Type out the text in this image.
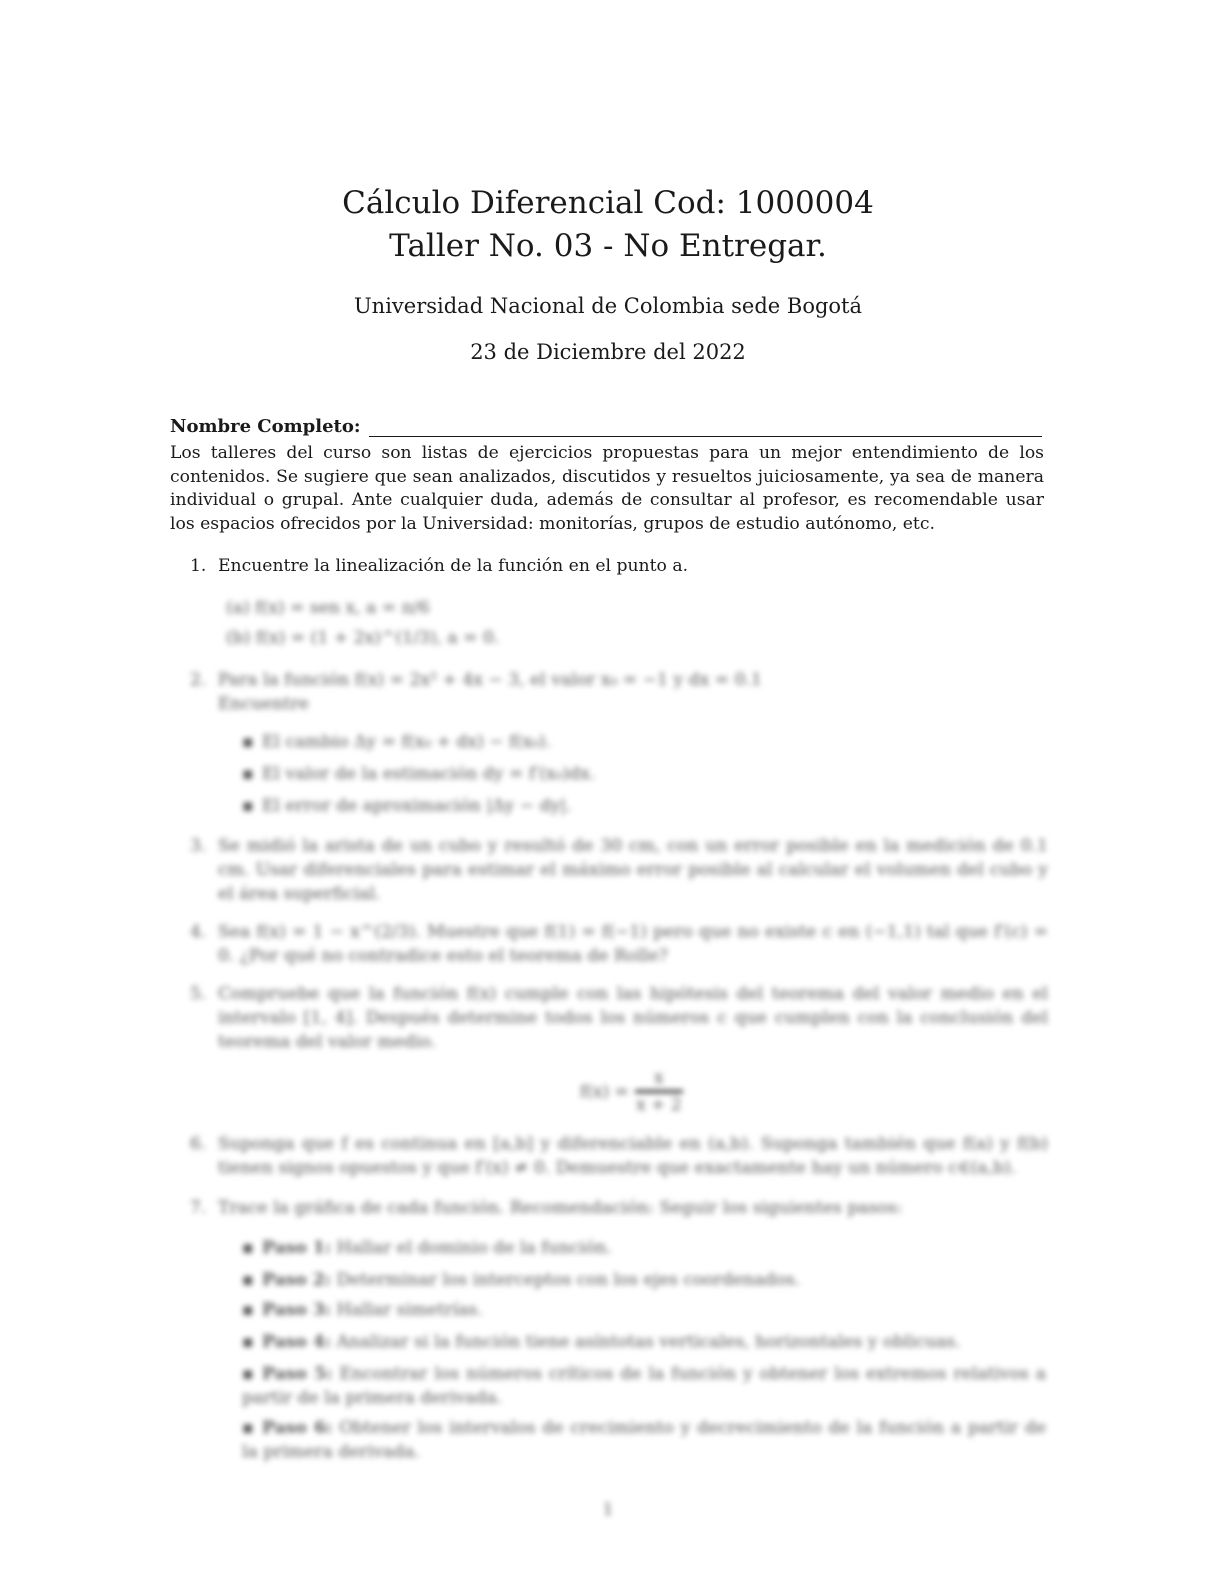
Cálculo Diferencial Cod: 1000004
Taller No. 03 - No Entregar.

Universidad Nacional de Colombia sede Bogotá

23 de Diciembre del 2022

Nombre Completo:

Los talleres del curso son listas de ejercicios propuestas para un mejor entendimiento de los contenidos. Se sugiere que sean analizados, discutidos y resueltos juiciosamente, ya sea de manera individual o grupal. Ante cualquier duda, además de consultar al profesor, es recomendable usar los espacios ofrecidos por la Universidad: monitorías, grupos de estudio autónomo, etc.

1. Encuentre la linealización de la función en el punto a.
(a) f(x) = sen x, a = π/6
(b) f(x) = (1 + 2x)^(1/3), a = 0.
2. Para la función f(x) = 2x² + 4x − 3, el valor x₀ = −1 y dx = 0.1
Encuentre
▪ El cambio Δy = f(x₀ + dx) − f(x₀).
▪ El valor de la estimación dy = f′(x₀)dx.
▪ El error de aproximación |Δy − dy|.
3. Se midió la arista de un cubo y resultó de 30 cm, con un error posible en la medición de 0.1 cm. Usar diferenciales para estimar el máximo error posible al calcular el volumen del cubo y el área superficial.
4. Sea f(x) = 1 − x^(2/3). Muestre que f(1) = f(−1) pero que no existe c en (−1,1) tal que f′(c) = 0. ¿Por qué no contradice esto el teorema de Rolle?
5. Compruebe que la función f(x) cumple con las hipótesis del teorema del valor medio en el intervalo [1, 4]. Después determine todos los números c que cumplen con la conclusión del teorema del valor medio.
$f(x) = \frac{x}{x + 2}$
6. Suponga que f es continua en [a,b] y diferenciable en (a,b). Suponga también que f(a) y f(b) tienen signos opuestos y que f′(x) ≠ 0. Demuestre que exactamente hay un número c∈(a,b).
7. Trace la gráfica de cada función. Recomendación: Seguir los siguientes pasos:
▪ Paso 1: Hallar el dominio de la función.
▪ Paso 2: Determinar los interceptos con los ejes coordenados.
▪ Paso 3: Hallar simetrías.
▪ Paso 4: Analizar si la función tiene asíntotas verticales, horizontales y oblicuas.
▪ Paso 5: Encontrar los números críticos de la función y obtener los extremos relativos a partir de la primera derivada.
▪ Paso 6: Obtener los intervalos de crecimiento y decrecimiento de la función a partir de la primera derivada.
1
